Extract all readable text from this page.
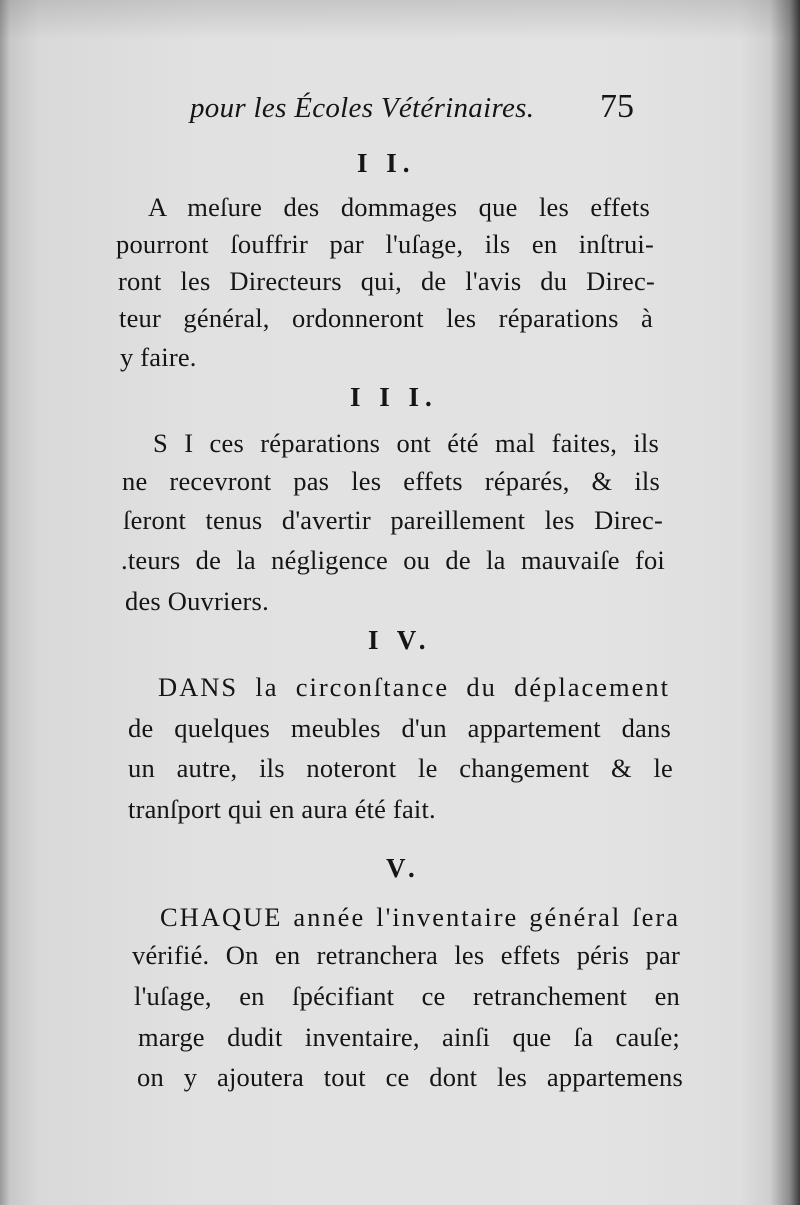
pour les Écoles Vétérinaires. 75
I I.
A meſure des dommages que les effets
pourront ſouffrir par l'uſage, ils en inſtrui-
ront les Directeurs qui, de l'avis du Direc-
teur général, ordonneront les réparations à
y faire.
I I I.
S I ces réparations ont été mal faites, ils
ne recevront pas les effets réparés, & ils
ſeront tenus d'avertir pareillement les Direc-
.teurs de la négligence ou de la mauvaiſe foi
des Ouvriers.
I V.
DANS la circonſtance du déplacement
de quelques meubles d'un appartement dans
un autre, ils noteront le changement & le
tranſport qui en aura été fait.
V.
CHAQUE année l'inventaire général ſera
vérifié. On en retranchera les effets péris par
l'uſage, en ſpécifiant ce retranchement en
marge dudit inventaire, ainſi que ſa cauſe;
on y ajoutera tout ce dont les appartemens
